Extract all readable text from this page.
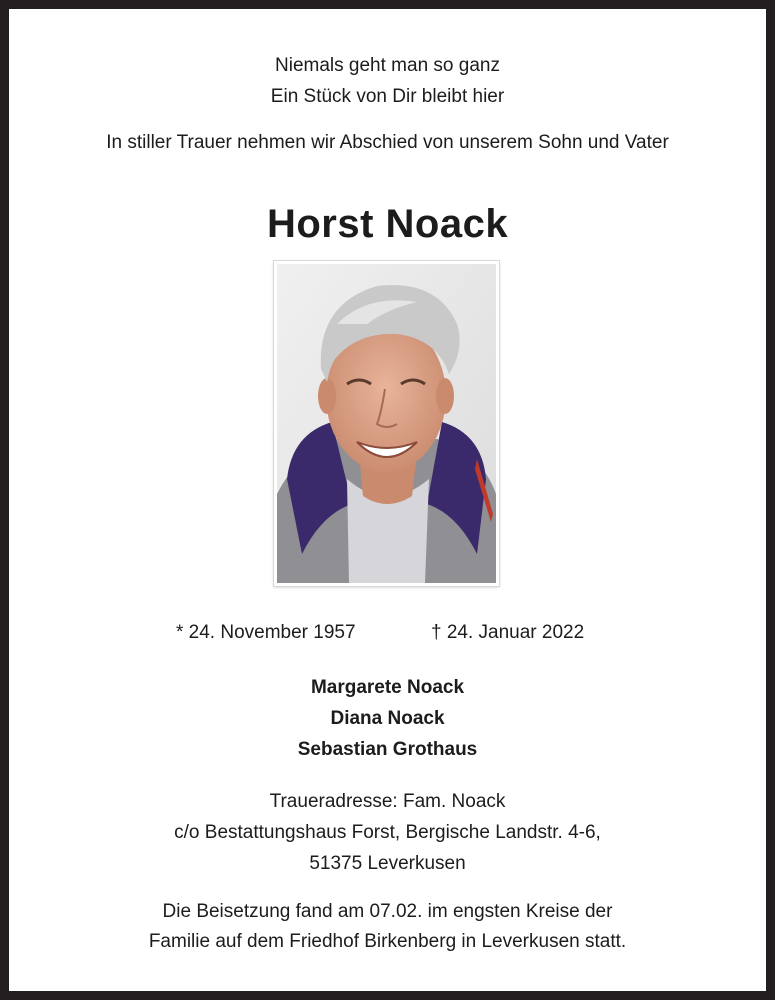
Niemals geht man so ganz
Ein Stück von Dir bleibt hier
In stiller Trauer nehmen wir Abschied von unserem Sohn und Vater
Horst Noack
* 24. November 1957	† 24. Januar 2022
Margarete Noack
Diana Noack
Sebastian Grothaus
Traueradresse: Fam. Noack
c/o Bestattungshaus Forst, Bergische Landstr. 4-6,
51375 Leverkusen
Die Beisetzung fand am 07.02. im engsten Kreise der
Familie auf dem Friedhof Birkenberg in Leverkusen statt.
